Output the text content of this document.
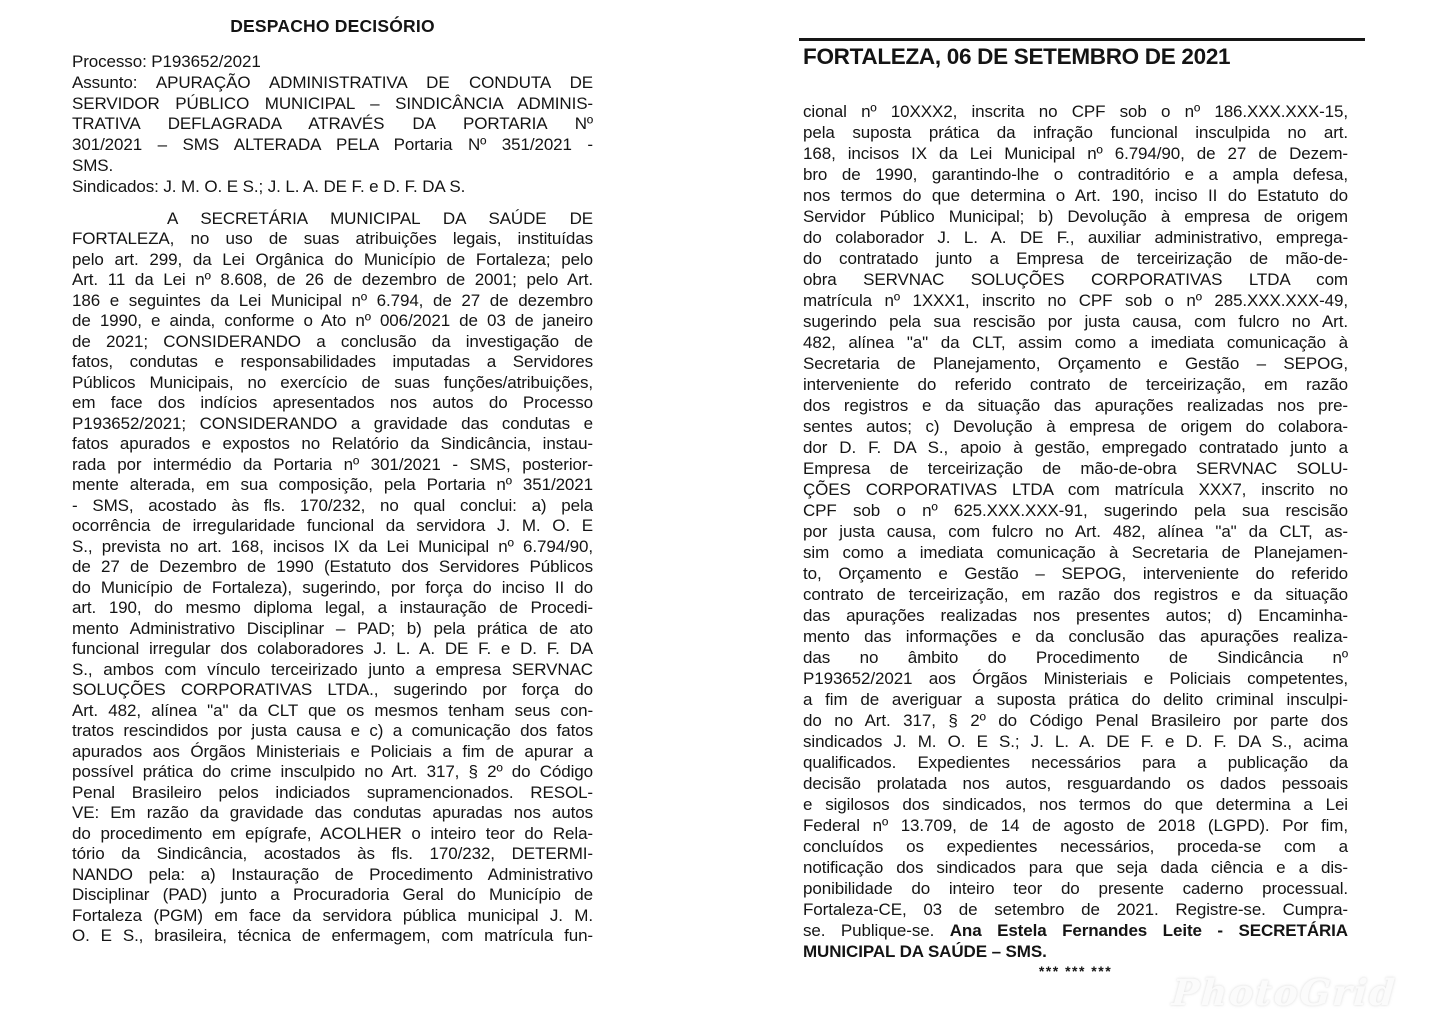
DESPACHO DECISÓRIO
Processo: P193652/2021
Assunto: APURAÇÃO ADMINISTRATIVA DE CONDUTA DE
SERVIDOR PÚBLICO MUNICIPAL – SINDICÂNCIA ADMINIS-
TRATIVA DEFLAGRADA ATRAVÉS DA PORTARIA Nº
301/2021 – SMS ALTERADA PELA Portaria Nº 351/2021 -
SMS.
Sindicados: J. M. O. E S.; J. L. A. DE F. e D. F. DA S.
A SECRETÁRIA MUNICIPAL DA SAÚDE DE
FORTALEZA, no uso de suas atribuições legais, instituídas
pelo art. 299, da Lei Orgânica do Município de Fortaleza; pelo
Art. 11 da Lei nº 8.608, de 26 de dezembro de 2001; pelo Art.
186 e seguintes da Lei Municipal nº 6.794, de 27 de dezembro
de 1990, e ainda, conforme o Ato nº 006/2021 de 03 de janeiro
de 2021; CONSIDERANDO a conclusão da investigação de
fatos, condutas e responsabilidades imputadas a Servidores
Públicos Municipais, no exercício de suas funções/atribuições,
em face dos indícios apresentados nos autos do Processo
P193652/2021; CONSIDERANDO a gravidade das condutas e
fatos apurados e expostos no Relatório da Sindicância, instau-
rada por intermédio da Portaria nº 301/2021 - SMS, posterior-
mente alterada, em sua composição, pela Portaria nº 351/2021
- SMS, acostado às fls. 170/232, no qual conclui: a) pela
ocorrência de irregularidade funcional da servidora J. M. O. E
S., prevista no art. 168, incisos IX da Lei Municipal nº 6.794/90,
de 27 de Dezembro de 1990 (Estatuto dos Servidores Públicos
do Município de Fortaleza), sugerindo, por força do inciso II do
art. 190, do mesmo diploma legal, a instauração de Procedi-
mento Administrativo Disciplinar – PAD; b) pela prática de ato
funcional irregular dos colaboradores J. L. A. DE F. e D. F. DA
S., ambos com vínculo terceirizado junto a empresa SERVNAC
SOLUÇÕES CORPORATIVAS LTDA., sugerindo por força do
Art. 482, alínea "a" da CLT que os mesmos tenham seus con-
tratos rescindidos por justa causa e c) a comunicação dos fatos
apurados aos Órgãos Ministeriais e Policiais a fim de apurar a
possível prática do crime insculpido no Art. 317, § 2º do Código
Penal Brasileiro pelos indiciados supramencionados. RESOL-
VE: Em razão da gravidade das condutas apuradas nos autos
do procedimento em epígrafe, ACOLHER o inteiro teor do Rela-
tório da Sindicância, acostados às fls. 170/232, DETERMI-
NANDO pela: a) Instauração de Procedimento Administrativo
Disciplinar (PAD) junto a Procuradoria Geral do Município de
Fortaleza (PGM) em face da servidora pública municipal J. M.
O. E S., brasileira, técnica de enfermagem, com matrícula fun-
FORTALEZA, 06 DE SETEMBRO DE 2021
cional nº 10XXX2, inscrita no CPF sob o nº 186.XXX.XXX-15,
pela suposta prática da infração funcional insculpida no art.
168, incisos IX da Lei Municipal nº 6.794/90, de 27 de Dezem-
bro de 1990, garantindo-lhe o contraditório e a ampla defesa,
nos termos do que determina o Art. 190, inciso II do Estatuto do
Servidor Público Municipal; b) Devolução à empresa de origem
do colaborador J. L. A. DE F., auxiliar administrativo, emprega-
do contratado junto a Empresa de terceirização de mão-de-
obra SERVNAC SOLUÇÕES CORPORATIVAS LTDA com
matrícula nº 1XXX1, inscrito no CPF sob o nº 285.XXX.XXX-49,
sugerindo pela sua rescisão por justa causa, com fulcro no Art.
482, alínea "a" da CLT, assim como a imediata comunicação à
Secretaria de Planejamento, Orçamento e Gestão – SEPOG,
interveniente do referido contrato de terceirização, em razão
dos registros e da situação das apurações realizadas nos pre-
sentes autos; c) Devolução à empresa de origem do colabora-
dor D. F. DA S., apoio à gestão, empregado contratado junto a
Empresa de terceirização de mão-de-obra SERVNAC SOLU-
ÇÕES CORPORATIVAS LTDA com matrícula XXX7, inscrito no
CPF sob o nº 625.XXX.XXX-91, sugerindo pela sua rescisão
por justa causa, com fulcro no Art. 482, alínea "a" da CLT, as-
sim como a imediata comunicação à Secretaria de Planejamen-
to, Orçamento e Gestão – SEPOG, interveniente do referido
contrato de terceirização, em razão dos registros e da situação
das apurações realizadas nos presentes autos; d) Encaminha-
mento das informações e da conclusão das apurações realiza-
das no âmbito do Procedimento de Sindicância nº
P193652/2021 aos Órgãos Ministeriais e Policiais competentes,
a fim de averiguar a suposta prática do delito criminal insculpi-
do no Art. 317, § 2º do Código Penal Brasileiro por parte dos
sindicados J. M. O. E S.; J. L. A. DE F. e D. F. DA S., acima
qualificados. Expedientes necessários para a publicação da
decisão prolatada nos autos, resguardando os dados pessoais
e sigilosos dos sindicados, nos termos do que determina a Lei
Federal nº 13.709, de 14 de agosto de 2018 (LGPD). Por fim,
concluídos os expedientes necessários, proceda-se com a
notificação dos sindicados para que seja dada ciência e a dis-
ponibilidade do inteiro teor do presente caderno processual.
Fortaleza-CE, 03 de setembro de 2021. Registre-se. Cumpra-
se. Publique-se. Ana Estela Fernandes Leite - SECRETÁRIA
MUNICIPAL DA SAÚDE – SMS.
*** *** ***
PhotoGrid
